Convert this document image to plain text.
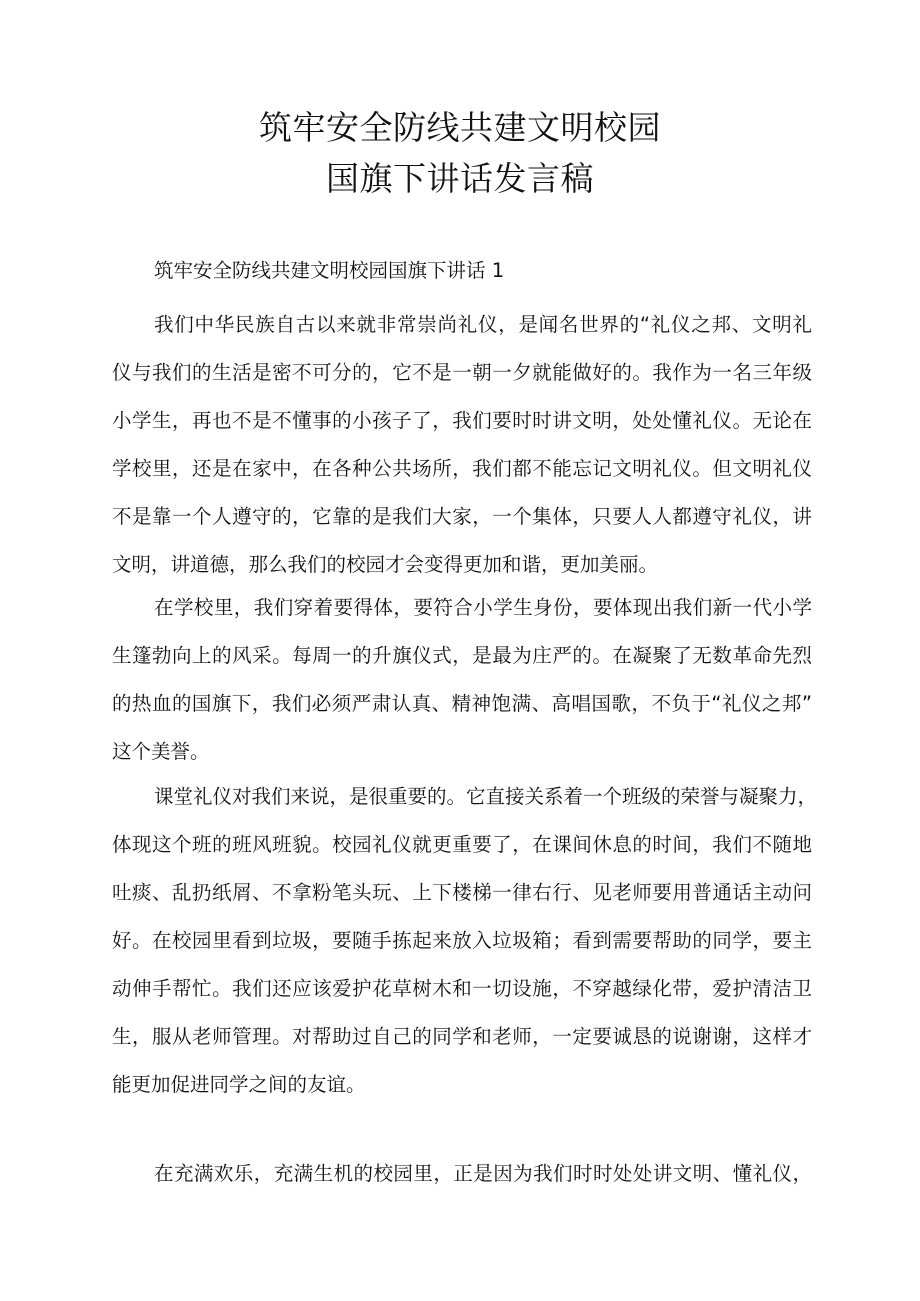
筑牢安全防线共建文明校园
国旗下讲话发言稿

筑牢安全防线共建文明校园国旗下讲话 1

我们中华民族自古以来就非常崇尚礼仪，是闻名世界的“礼仪之邦、文明礼
仪与我们的生活是密不可分的，它不是一朝一夕就能做好的。我作为一名三年级
小学生，再也不是不懂事的小孩子了，我们要时时讲文明，处处懂礼仪。无论在
学校里，还是在家中，在各种公共场所，我们都不能忘记文明礼仪。但文明礼仪
不是靠一个人遵守的，它靠的是我们大家，一个集体，只要人人都遵守礼仪，讲
文明，讲道德，那么我们的校园才会变得更加和谐，更加美丽。
在学校里，我们穿着要得体，要符合小学生身份，要体现出我们新一代小学
生篷勃向上的风采。每周一的升旗仪式，是最为庄严的。在凝聚了无数革命先烈
的热血的国旗下，我们必须严肃认真、精神饱满、高唱国歌，不负于“礼仪之邦”
这个美誉。
课堂礼仪对我们来说，是很重要的。它直接关系着一个班级的荣誉与凝聚力，
体现这个班的班风班貌。校园礼仪就更重要了，在课间休息的时间，我们不随地
吐痰、乱扔纸屑、不拿粉笔头玩、上下楼梯一律右行、见老师要用普通话主动问
好。在校园里看到垃圾，要随手拣起来放入垃圾箱；看到需要帮助的同学，要主
动伸手帮忙。我们还应该爱护花草树木和一切设施，不穿越绿化带，爱护清洁卫
生，服从老师管理。对帮助过自己的同学和老师，一定要诚恳的说谢谢，这样才
能更加促进同学之间的友谊。
在充满欢乐，充满生机的校园里，正是因为我们时时处处讲文明、懂礼仪，
